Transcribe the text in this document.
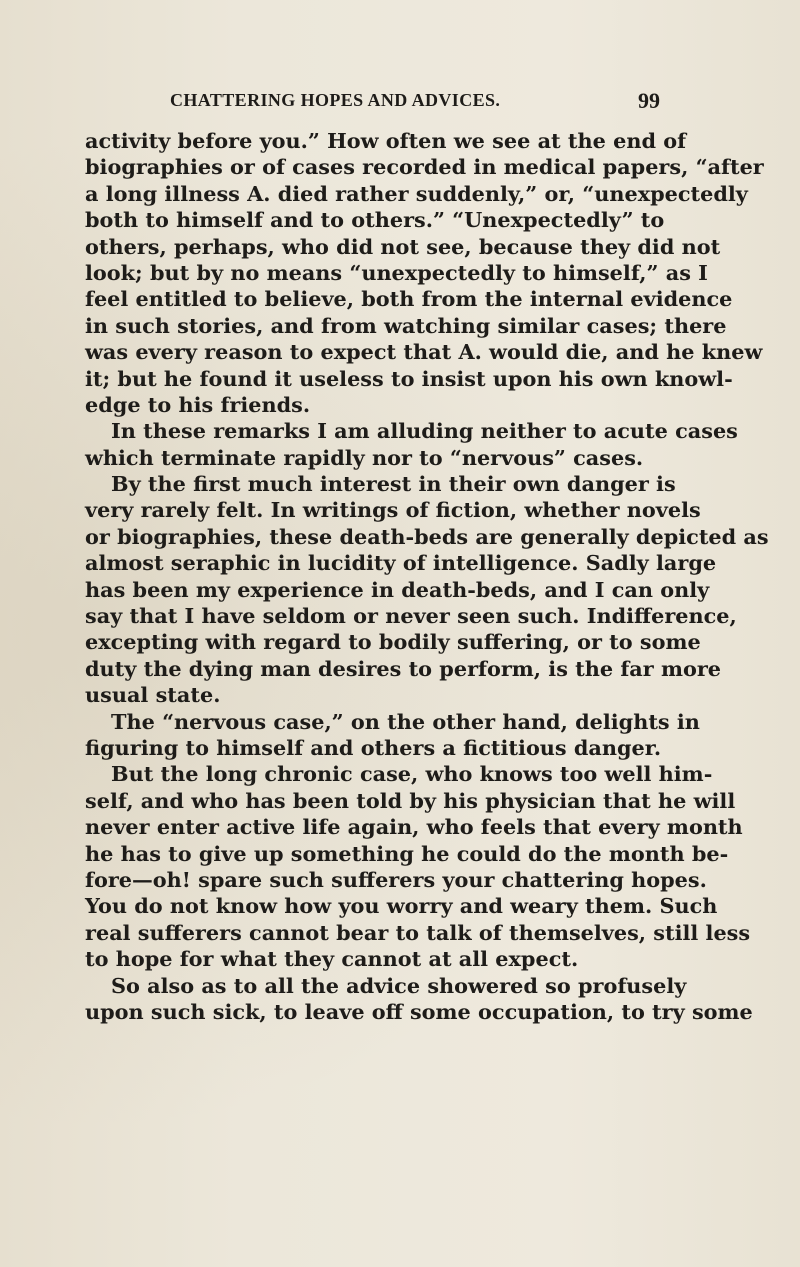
CHATTERING HOPES AND ADVICES.	99
activity before you.” How often we see at the end of
biographies or of cases recorded in medical papers, “after
a long illness A. died rather suddenly,” or, “unexpectedly
both to himself and to others.” “Unexpectedly” to
others, perhaps, who did not see, because they did not
look; but by no means “unexpectedly to himself,” as I
feel entitled to believe, both from the internal evidence
in such stories, and from watching similar cases; there
was every reason to expect that A. would die, and he knew
it; but he found it useless to insist upon his own knowl-
edge to his friends.
In these remarks I am alluding neither to acute cases
which terminate rapidly nor to “nervous” cases.
By the first much interest in their own danger is
very rarely felt. In writings of fiction, whether novels
or biographies, these death-beds are generally depicted as
almost seraphic in lucidity of intelligence. Sadly large
has been my experience in death-beds, and I can only
say that I have seldom or never seen such. Indifference,
excepting with regard to bodily suffering, or to some
duty the dying man desires to perform, is the far more
usual state.
The “nervous case,” on the other hand, delights in
figuring to himself and others a fictitious danger.
But the long chronic case, who knows too well him-
self, and who has been told by his physician that he will
never enter active life again, who feels that every month
he has to give up something he could do the month be-
fore—oh! spare such sufferers your chattering hopes.
You do not know how you worry and weary them. Such
real sufferers cannot bear to talk of themselves, still less
to hope for what they cannot at all expect.
So also as to all the advice showered so profusely
upon such sick, to leave off some occupation, to try some
